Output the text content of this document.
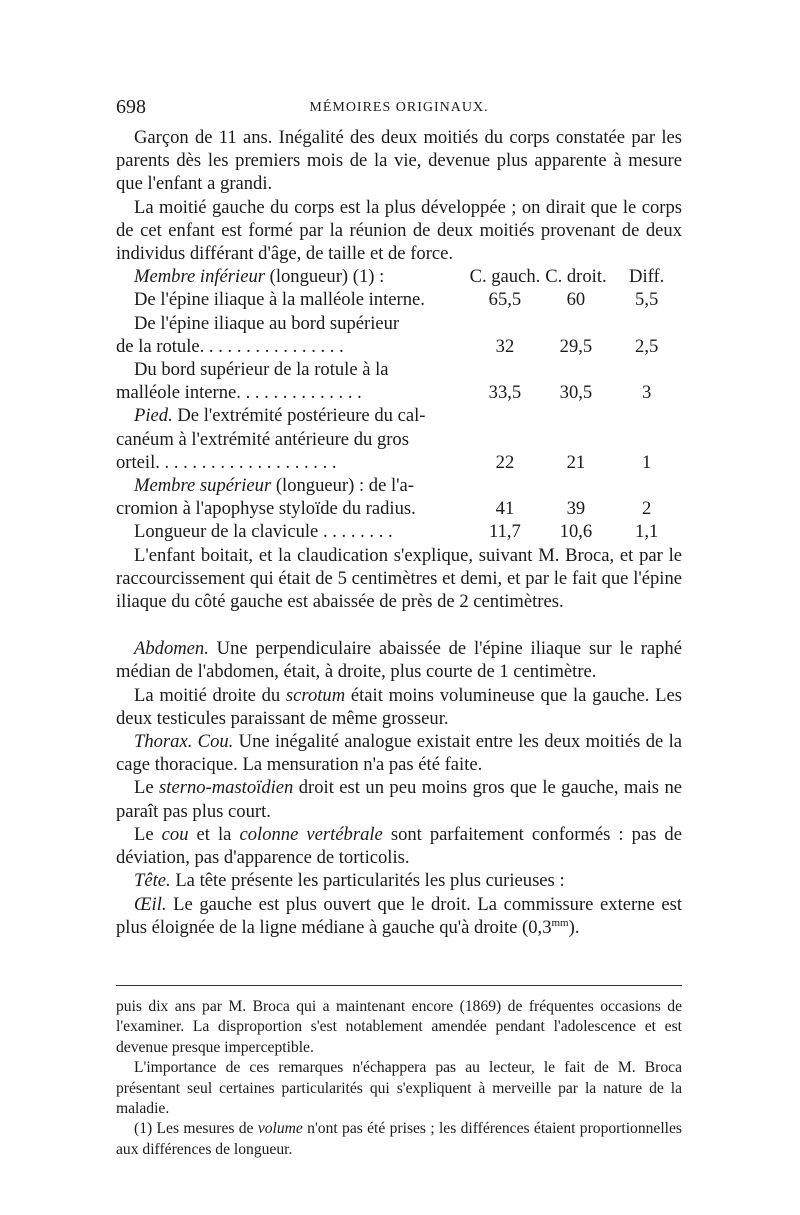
698	MÉMOIRES ORIGINAUX.

Garçon de 11 ans. Inégalité des deux moitiés du corps constatée par les parents dès les premiers mois de la vie, devenue plus apparente à mesure que l'enfant a grandi.

La moitié gauche du corps est la plus développée ; on dirait que le corps de cet enfant est formé par la réunion de deux moitiés provenant de deux individus différant d'âge, de taille et de force.

Membre inférieur (longueur) (1) :	C. gauch.	C. droit.	Diff.
De l'épine iliaque à la malléole interne.	65,5	60	5,5
De l'épine iliaque au bord supérieur			
de la rotule. . . . . . . . . . . . . . . .	32	29,5	2,5
Du bord supérieur de la rotule à la			
malléole interne. . . . . . . . . . . . . .	33,5	30,5	3
Pied. De l'extrémité postérieure du cal-			
canéum à l'extrémité antérieure du gros			
orteil. . . . . . . . . . . . . . . . . . . .	22	21	1
Membre supérieur (longueur) : de l'a-			
cromion à l'apophyse styloïde du radius.	41	39	2
Longueur de la clavicule . . . . . . . .	11,7	10,6	1,1

L'enfant boitait, et la claudication s'explique, suivant M. Broca, et par le raccourcissement qui était de 5 centimètres et demi, et par le fait que l'épine iliaque du côté gauche est abaissée de près de 2 centimètres.

Abdomen. Une perpendiculaire abaissée de l'épine iliaque sur le raphé médian de l'abdomen, était, à droite, plus courte de 1 centimètre.

La moitié droite du scrotum était moins volumineuse que la gauche. Les deux testicules paraissant de même grosseur.

Thorax. Cou. Une inégalité analogue existait entre les deux moitiés de la cage thoracique. La mensuration n'a pas été faite.

Le sterno-mastoïdien droit est un peu moins gros que le gauche, mais ne paraît pas plus court.

Le cou et la colonne vertébrale sont parfaitement conformés : pas de déviation, pas d'apparence de torticolis.

Tête. La tête présente les particularités les plus curieuses :

Œil. Le gauche est plus ouvert que le droit. La commissure externe est plus éloignée de la ligne médiane à gauche qu'à droite $(0,3^{mm})$.

puis dix ans par M. Broca qui a maintenant encore (1869) de fréquentes occasions de l'examiner. La disproportion s'est notablement amendée pendant l'adolescence et est devenue presque imperceptible.

L'importance de ces remarques n'échappera pas au lecteur, le fait de M. Broca présentant seul certaines particularités qui s'expliquent à merveille par la nature de la maladie.

(1) Les mesures de volume n'ont pas été prises ; les différences étaient proportionnelles aux différences de longueur.
